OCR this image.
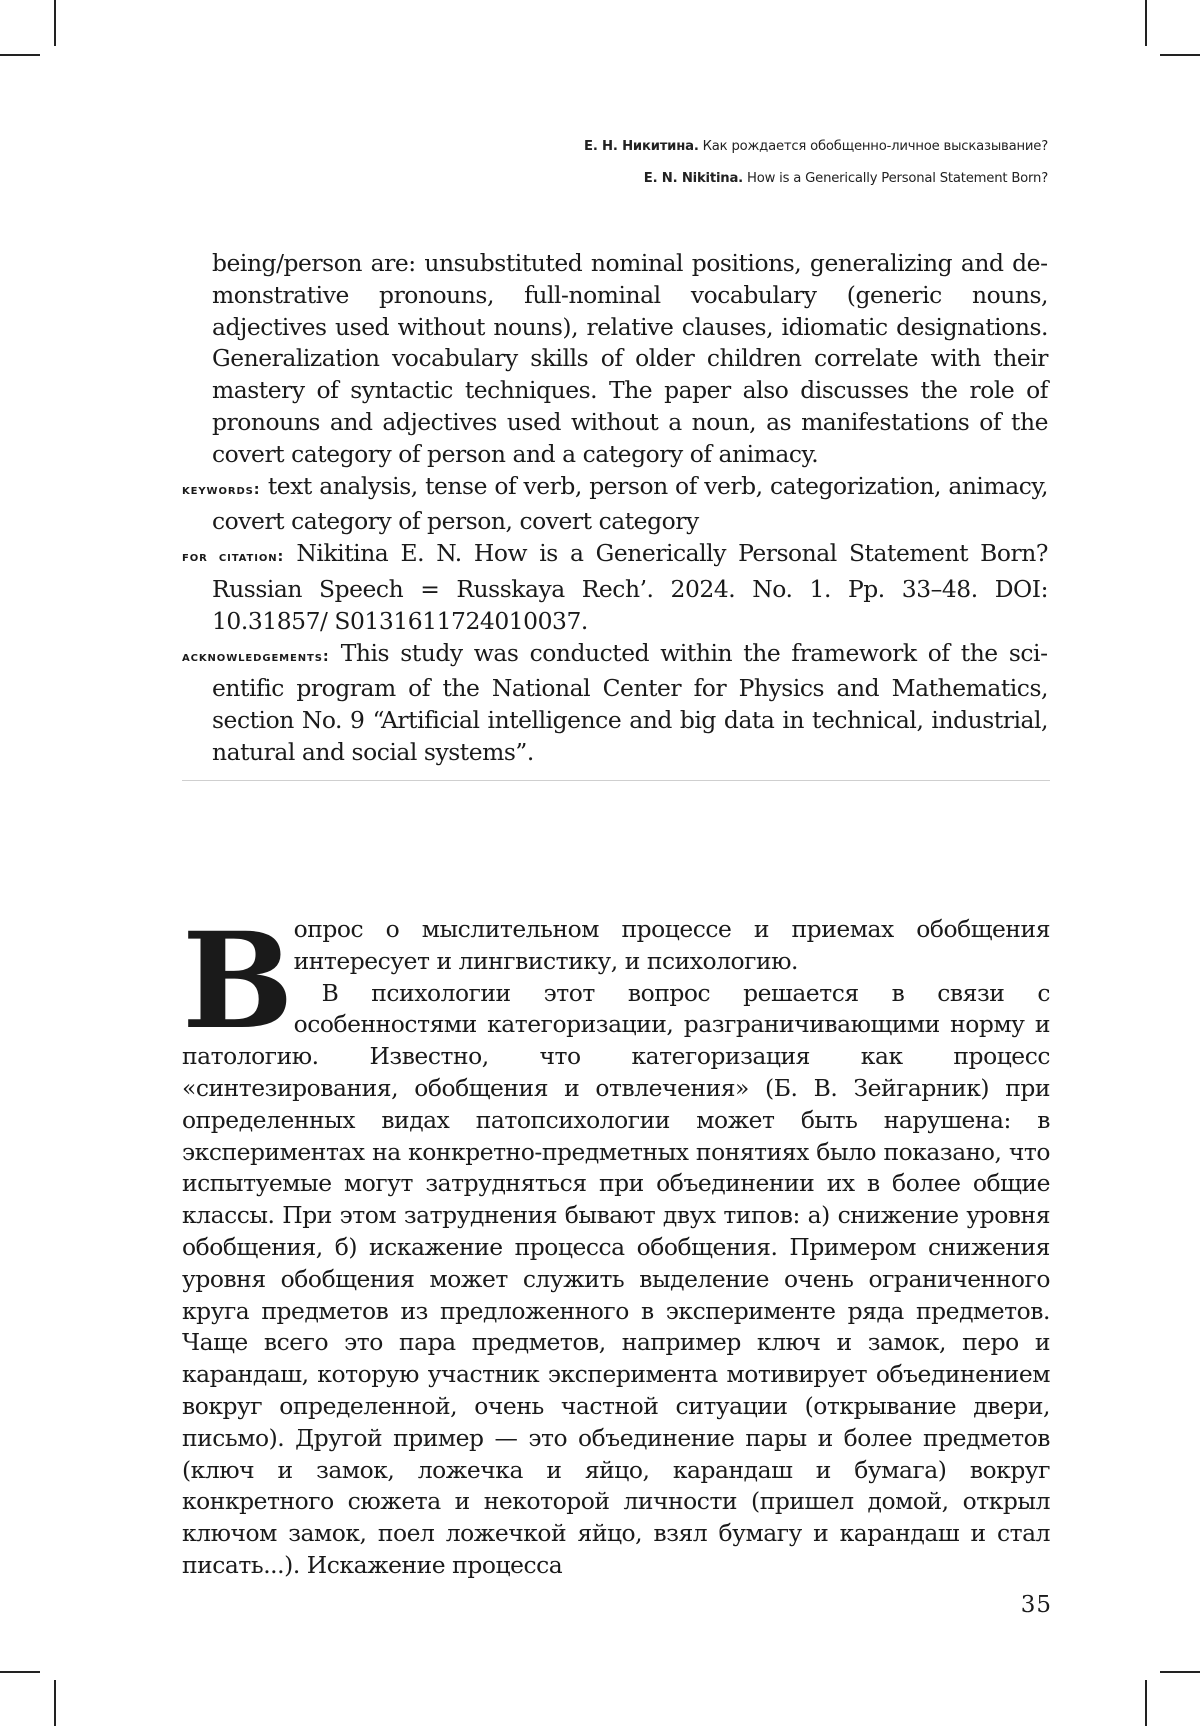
Е. Н. Никитина. Как рождается обобщенно-личное высказывание?
E. N. Nikitina. How is a Generically Personal Statement Born?

being/person are: unsubstituted nominal positions, generalizing and demonstrative pronouns, full-nominal vocabulary (generic nouns, adjectives used without nouns), relative clauses, idiomatic designations. Generalization vocabulary skills of older children correlate with their mastery of syntactic techniques. The paper also discusses the role of pronouns and adjectives used without a noun, as manifestations of the covert category of person and a category of animacy.

keywords: text analysis, tense of verb, person of verb, categorization, animacy, covert category of person, covert category

for citation: Nikitina E. N. How is a Generically Personal Statement Born? Russian Speech = Russkaya Rech’. 2024. No. 1. Pp. 33–48. DOI: 10.31857/ S0131611724010037.

acknowledgements: This study was conducted within the framework of the scientific program of the National Center for Physics and Mathematics, section No. 9 “Artificial intelligence and big data in technical, industrial, natural and social systems”.

Вопрос о мыслительном процессе и приемах обобщения интересует и лингвистику, и психологию.

В психологии этот вопрос решается в связи с особенностями категоризации, разграничивающими норму и патологию. Известно, что категоризация как процесс «синтезирования, обобщения и отвлечения» (Б. В. Зейгарник) при определенных видах патопсихологии может быть нарушена: в экспериментах на конкретно-предметных понятиях было показано, что испытуемые могут затрудняться при объединении их в более общие классы. При этом затруднения бывают двух типов: а) снижение уровня обобщения, б) искажение процесса обобщения. Примером снижения уровня обобщения может служить выделение очень ограниченного круга предметов из предложенного в эксперименте ряда предметов. Чаще всего это пара предметов, например ключ и замок, перо и карандаш, которую участник эксперимента мотивирует объединением вокруг определенной, очень частной ситуации (открывание двери, письмо). Другой пример — это объединение пары и более предметов (ключ и замок, ложечка и яйцо, карандаш и бумага) вокруг конкретного сюжета и некоторой личности (пришел домой, открыл ключом замок, поел ложечкой яйцо, взял бумагу и карандаш и стал писать...). Искажение процесса

35
